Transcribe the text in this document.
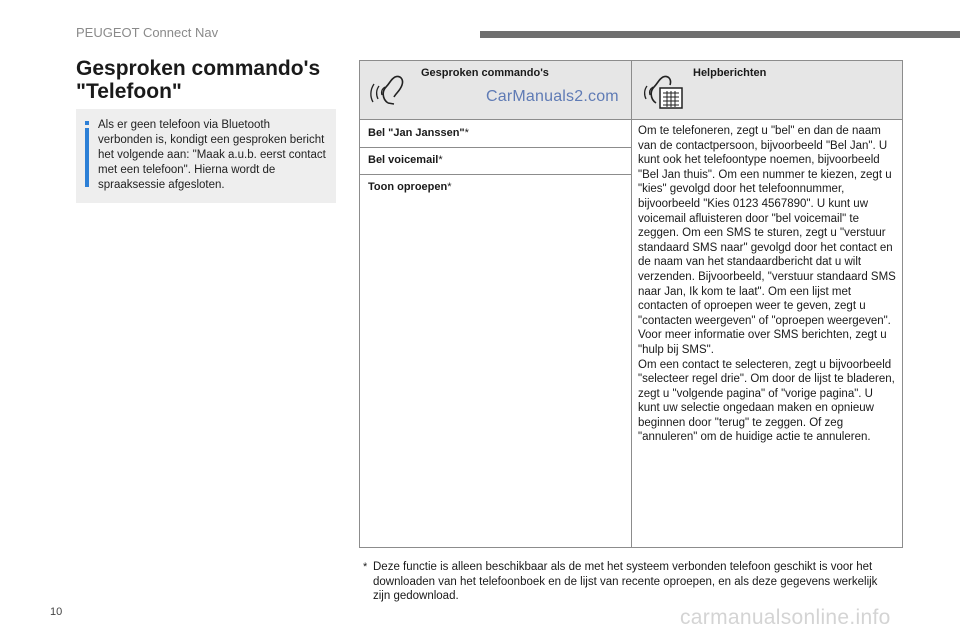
PEUGEOT Connect Nav
Gesproken commando's
"Telefoon"
Als er geen telefoon via Bluetooth verbonden is, kondigt een gesproken bericht het volgende aan: "Maak a.u.b. eerst contact met een telefoon". Hierna wordt de spraaksessie afgesloten.
Gesproken commando's	Helpberichten
CarManuals2.com
Bel "Jan Janssen"*
Bel voicemail*
Toon oproepen*
Om te telefoneren, zegt u "bel" en dan de naam van de contactpersoon, bijvoorbeeld "Bel Jan". U kunt ook het telefoontype noemen, bijvoorbeeld "Bel Jan thuis". Om een nummer te kiezen, zegt u "kies" gevolgd door het telefoonnummer, bijvoorbeeld "Kies 0123 4567890". U kunt uw voicemail afluisteren door "bel voicemail" te zeggen. Om een SMS te sturen, zegt u "verstuur standaard SMS naar" gevolgd door het contact en de naam van het standaardbericht dat u wilt verzenden. Bijvoorbeeld, "verstuur standaard SMS naar Jan, Ik kom te laat". Om een lijst met contacten of oproepen weer te geven, zegt u "contacten weergeven" of "oproepen weergeven". Voor meer informatie over SMS berichten, zegt u "hulp bij SMS".
Om een contact te selecteren, zegt u bijvoorbeeld "selecteer regel drie". Om door de lijst te bladeren, zegt u "volgende pagina" of "vorige pagina". U kunt uw selectie ongedaan maken en opnieuw beginnen door "terug" te zeggen. Of zeg "annuleren" om de huidige actie te annuleren.
* Deze functie is alleen beschikbaar als de met het systeem verbonden telefoon geschikt is voor het downloaden van het telefoonboek en de lijst van recente oproepen, en als deze gegevens werkelijk zijn gedownload.
10	carmanualsonline.info
